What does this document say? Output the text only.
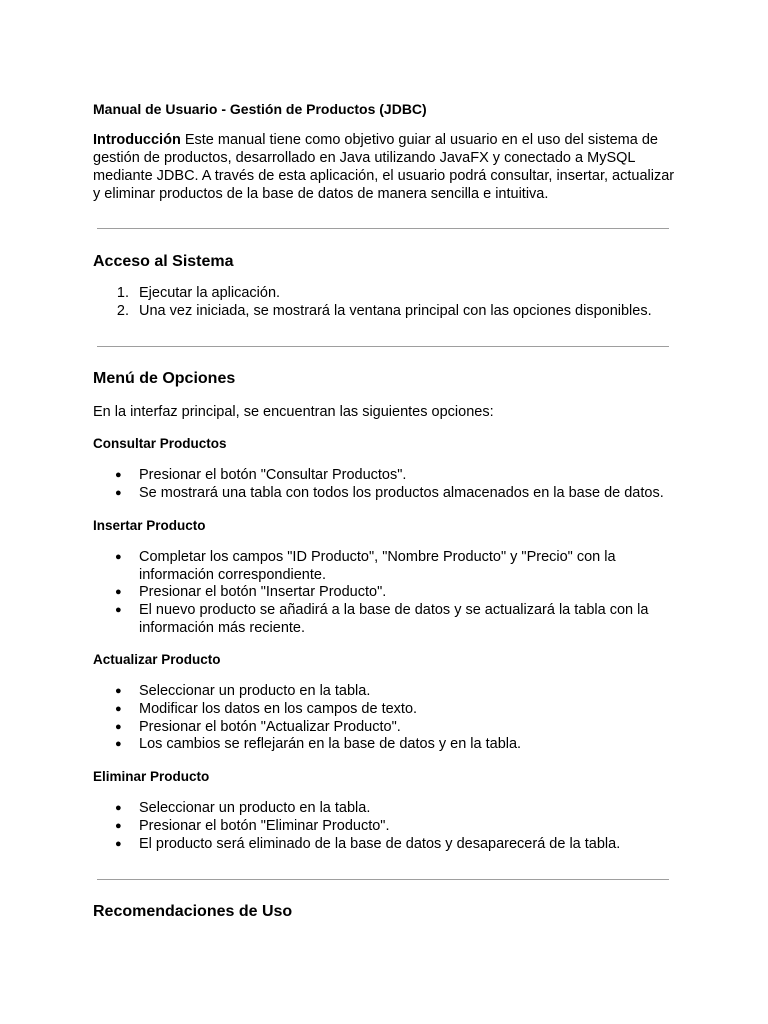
Manual de Usuario - Gestión de Productos (JDBC)

Introducción Este manual tiene como objetivo guiar al usuario en el uso del sistema de gestión de productos, desarrollado en Java utilizando JavaFX y conectado a MySQL mediante JDBC. A través de esta aplicación, el usuario podrá consultar, insertar, actualizar y eliminar productos de la base de datos de manera sencilla e intuitiva.

Acceso al Sistema
1. Ejecutar la aplicación.
2. Una vez iniciada, se mostrará la ventana principal con las opciones disponibles.
Menú de Opciones

En la interfaz principal, se encuentran las siguientes opciones:

Consultar Productos
● Presionar el botón "Consultar Productos".
● Se mostrará una tabla con todos los productos almacenados en la base de datos.
Insertar Producto
● Completar los campos "ID Producto", "Nombre Producto" y "Precio" con la información correspondiente.
● Presionar el botón "Insertar Producto".
● El nuevo producto se añadirá a la base de datos y se actualizará la tabla con la información más reciente.
Actualizar Producto
● Seleccionar un producto en la tabla.
● Modificar los datos en los campos de texto.
● Presionar el botón "Actualizar Producto".
● Los cambios se reflejarán en la base de datos y en la tabla.
Eliminar Producto
● Seleccionar un producto en la tabla.
● Presionar el botón "Eliminar Producto".
● El producto será eliminado de la base de datos y desaparecerá de la tabla.
Recomendaciones de Uso
